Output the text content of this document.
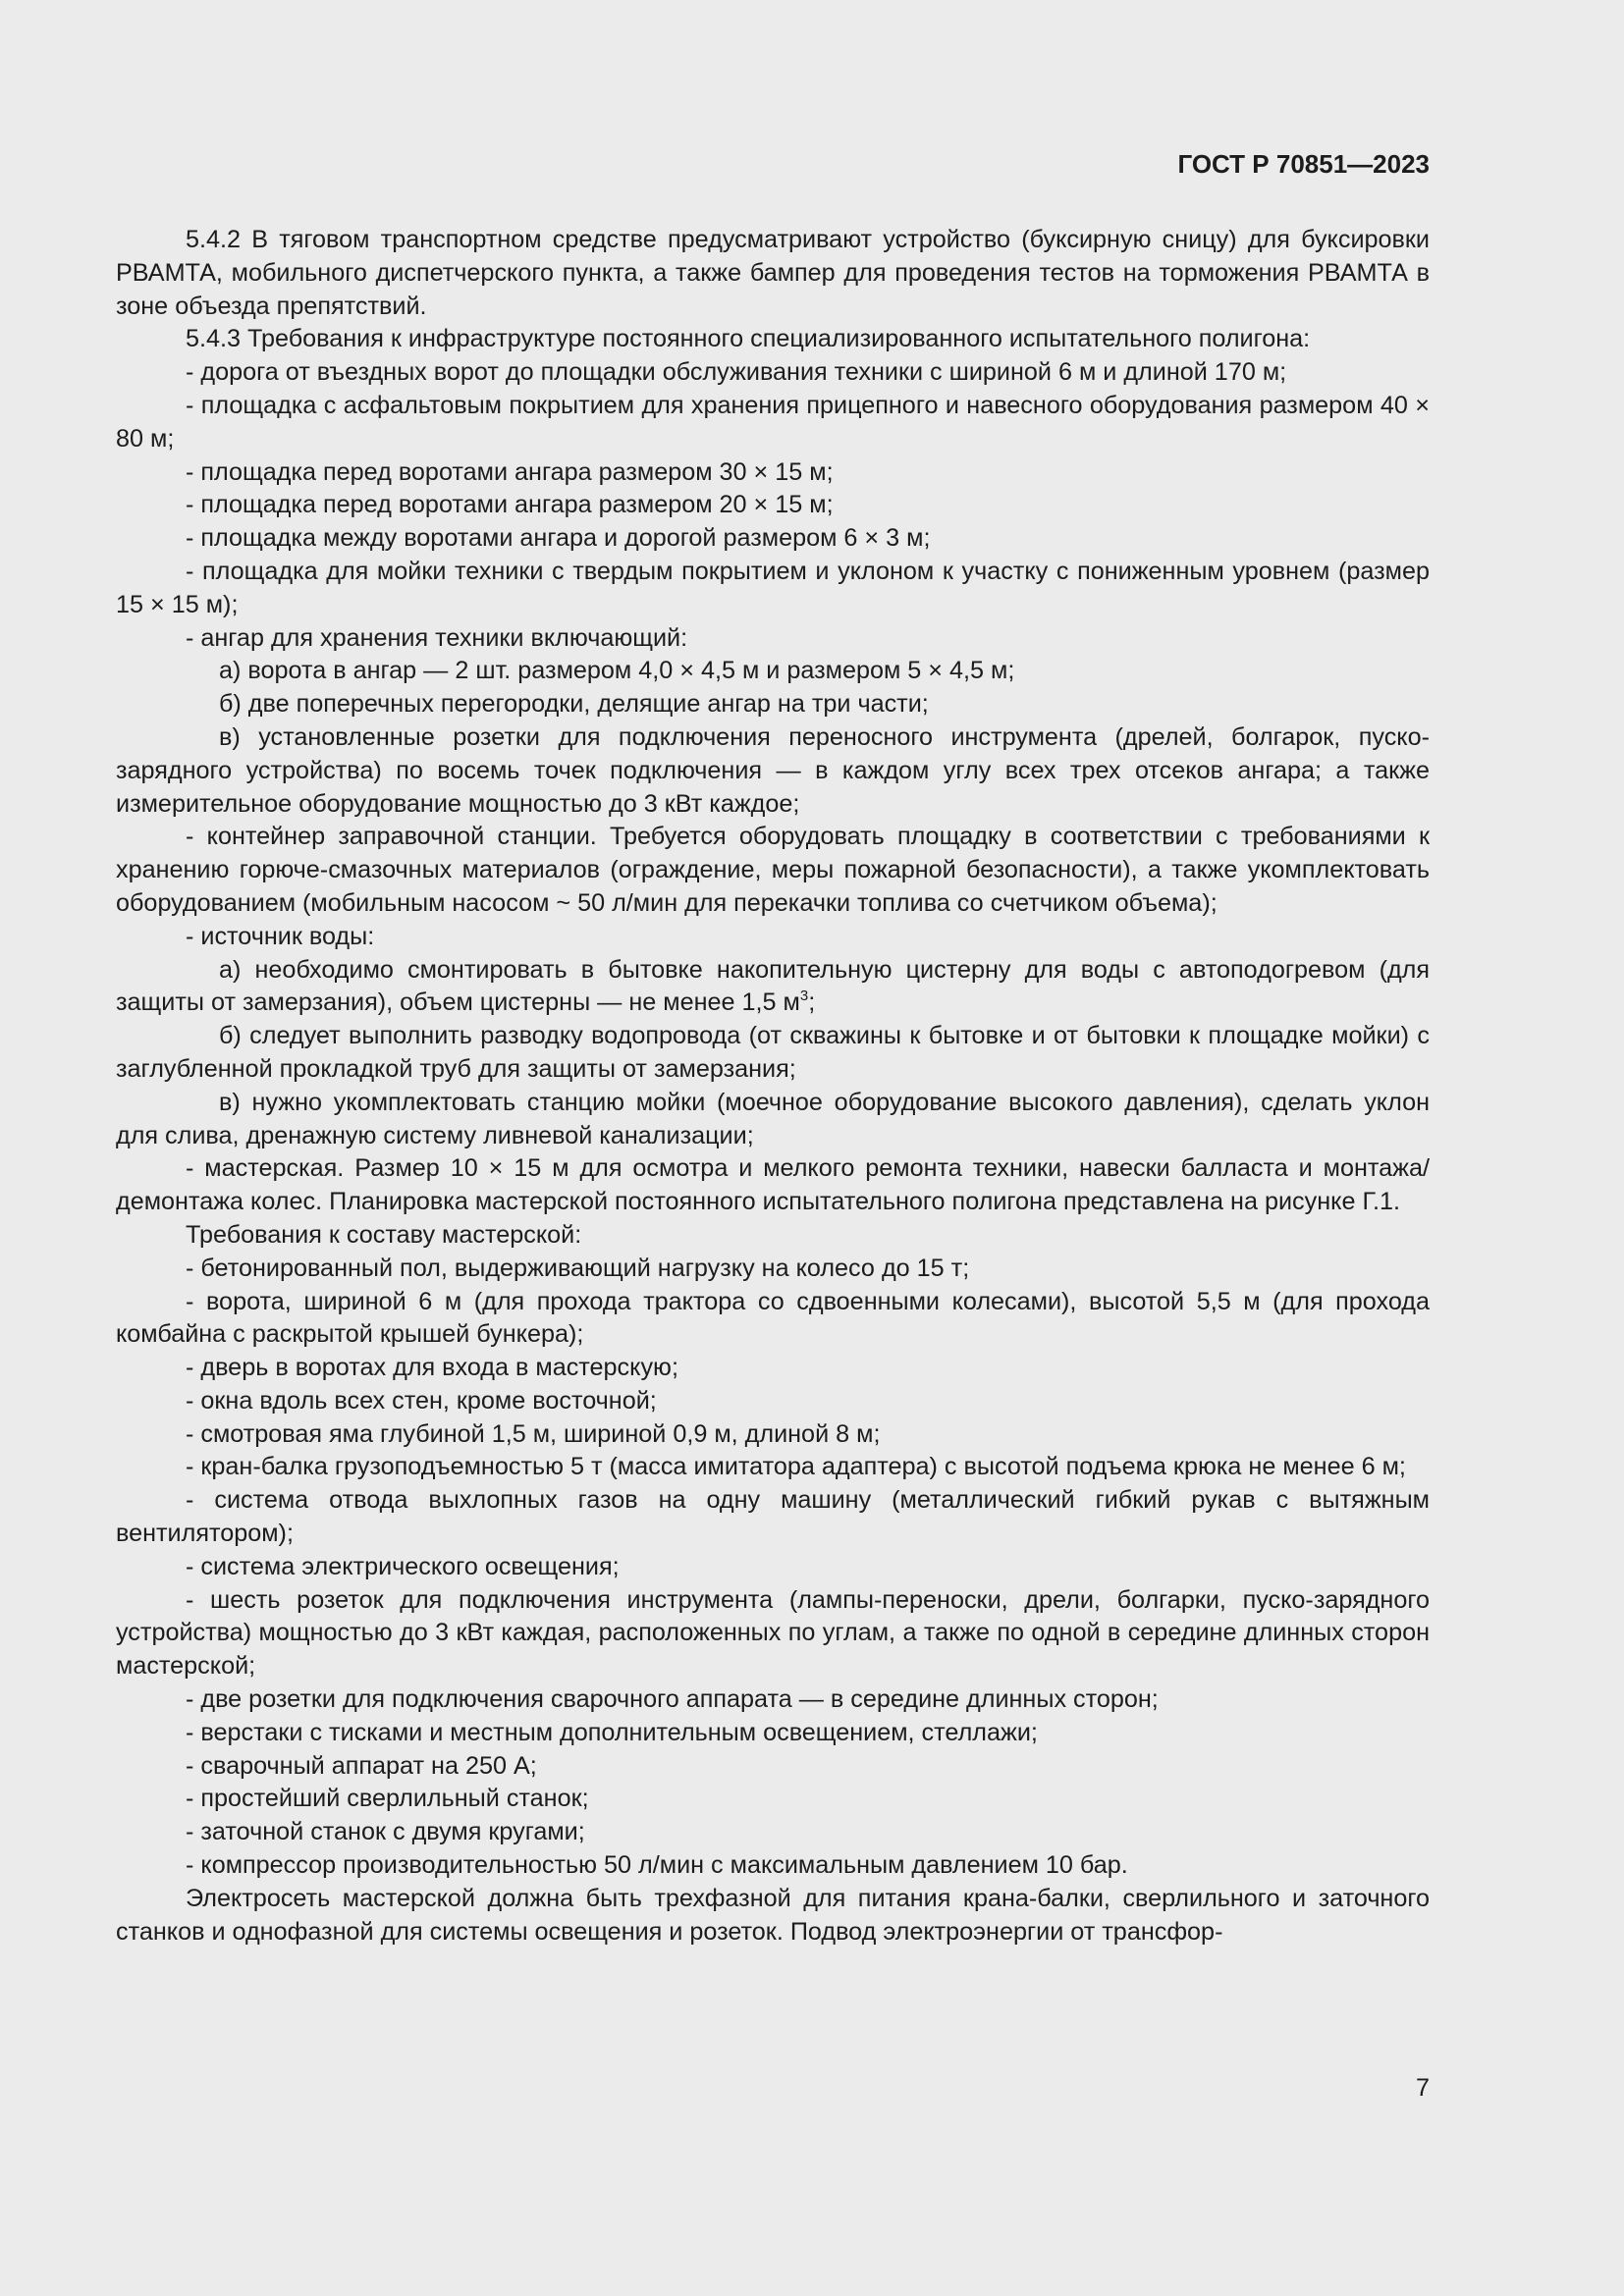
ГОСТ Р 70851—2023

5.4.2 В тяговом транспортном средстве предусматривают устройство (буксирную сницу) для буксировки РВАМТА, мобильного диспетчерского пункта, а также бампер для проведения тестов на торможения РВАМТА в зоне объезда препятствий.

5.4.3 Требования к инфраструктуре постоянного специализированного испытательного полигона:

- дорога от въездных ворот до площадки обслуживания техники с шириной 6 м и длиной 170 м;

- площадка с асфальтовым покрытием для хранения прицепного и навесного оборудования размером 40 × 80 м;

- площадка перед воротами ангара размером 30 × 15 м;

- площадка перед воротами ангара размером 20 × 15 м;

- площадка между воротами ангара и дорогой размером 6 × 3 м;

- площадка для мойки техники с твердым покрытием и уклоном к участку с пониженным уровнем (размер 15 × 15 м);

- ангар для хранения техники включающий:

а) ворота в ангар — 2 шт. размером 4,0 × 4,5 м и размером 5 × 4,5 м;

б) две поперечных перегородки, делящие ангар на три части;

в) установленные розетки для подключения переносного инструмента (дрелей, болгарок, пуско-зарядного устройства) по восемь точек подключения — в каждом углу всех трех отсеков ангара; а также измерительное оборудование мощностью до 3 кВт каждое;

- контейнер заправочной станции. Требуется оборудовать площадку в соответствии с требованиями к хранению горюче-смазочных материалов (ограждение, меры пожарной безопасности), а также укомплектовать оборудованием (мобильным насосом ~ 50 л/мин для перекачки топлива со счетчиком объема);

- источник воды:

а) необходимо смонтировать в бытовке накопительную цистерну для воды с автоподогревом (для защиты от замерзания), объем цистерны — не менее 1,5 $м^3$;

б) следует выполнить разводку водопровода (от скважины к бытовке и от бытовки к площадке мойки) с заглубленной прокладкой труб для защиты от замерзания;

в) нужно укомплектовать станцию мойки (моечное оборудование высокого давления), сделать уклон для слива, дренажную систему ливневой канализации;

- мастерская. Размер 10 × 15 м для осмотра и мелкого ремонта техники, навески балласта и монтажа/демонтажа колес. Планировка мастерской постоянного испытательного полигона представлена на рисунке Г.1.

Требования к составу мастерской:

- бетонированный пол, выдерживающий нагрузку на колесо до 15 т;

- ворота, шириной 6 м (для прохода трактора со сдвоенными колесами), высотой 5,5 м (для прохода комбайна с раскрытой крышей бункера);

- дверь в воротах для входа в мастерскую;

- окна вдоль всех стен, кроме восточной;

- смотровая яма глубиной 1,5 м, шириной 0,9 м, длиной 8 м;

- кран-балка грузоподъемностью 5 т (масса имитатора адаптера) с высотой подъема крюка не менее 6 м;

- система отвода выхлопных газов на одну машину (металлический гибкий рукав с вытяжным вентилятором);

- система электрического освещения;

- шесть розеток для подключения инструмента (лампы-переноски, дрели, болгарки, пуско-зарядного устройства) мощностью до 3 кВт каждая, расположенных по углам, а также по одной в середине длинных сторон мастерской;

- две розетки для подключения сварочного аппарата — в середине длинных сторон;

- верстаки с тисками и местным дополнительным освещением, стеллажи;

- сварочный аппарат на 250 А;

- простейший сверлильный станок;

- заточной станок с двумя кругами;

- компрессор производительностью 50 л/мин с максимальным давлением 10 бар.

Электросеть мастерской должна быть трехфазной для питания крана-балки, сверлильного и заточного станков и однофазной для системы освещения и розеток. Подвод электроэнергии от трансфор-

7
